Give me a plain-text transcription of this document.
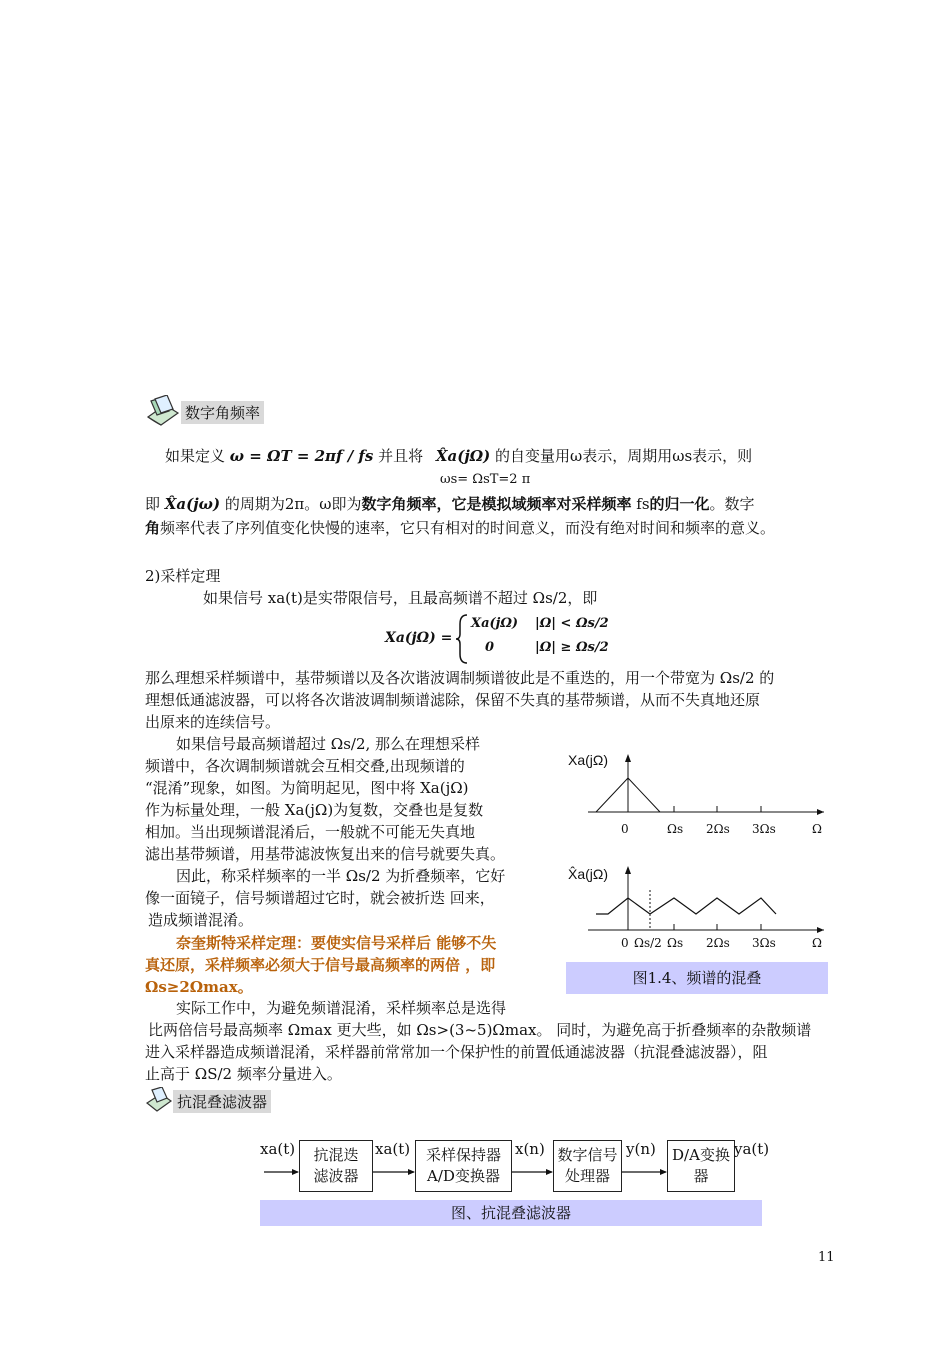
数字角频率
如果定义 ω = ΩT = 2πf / fs 并且将 X̂a(jΩ) 的自变量用ω表示，周期用ωs表示，则
ωs= ΩsT=2 π
即 X̂a(jω) 的周期为2π。ω即为数字角频率，它是模拟域频率对采样频率 fs的归一化。数字
角频率代表了序列值变化快慢的速率，它只有相对的时间意义，而没有绝对时间和频率的意义。
2)采样定理
如果信号 xa(t)是实带限信号，且最高频谱不超过 Ωs/2，即
Xa(jΩ) =
Xa(jΩ) |Ω| < Ωs/2
0	|Ω| ≥ Ωs/2
那么理想采样频谱中，基带频谱以及各次谐波调制频谱彼此是不重迭的，用一个带宽为 Ωs/2 的
理想低通滤波器，可以将各次谐波调制频谱滤除，保留不失真的基带频谱，从而不失真地还原
出原来的连续信号。
如果信号最高频谱超过 Ωs/2, 那么在理想采样
频谱中，各次调制频谱就会互相交叠,出现频谱的
“混淆”现象，如图。为简明起见，图中将 Xa(jΩ)
作为标量处理，一般 Xa(jΩ)为复数，交叠也是复数
相加。当出现频谱混淆后，一般就不可能无失真地
滤出基带频谱，用基带滤波恢复出来的信号就要失真。
因此，称采样频率的一半 Ωs/2 为折叠频率，它好
像一面镜子，信号频谱超过它时，就会被折迭 回来，
造成频谱混淆。
奈奎斯特采样定理：要使实信号采样后 能够不失
真还原，采样频率必须大于信号最高频率的两倍 ，即
Ωs≥2Ωmax。
实际工作中，为避免频谱混淆，采样频率总是选得
比两倍信号最高频率 Ωmax 更大些，如 Ωs>(3~5)Ωmax。 同时，为避免高于折叠频率的杂散频谱
进入采样器造成频谱混淆，采样器前常常加一个保护性的前置低通滤波器（抗混叠滤波器），阻
止高于 ΩS/2 频率分量进入。
Xa(jΩ)
X̂a(jΩ)
0	Ωs 2Ωs 3Ωs	Ω
0 Ωs/2 Ωs 2Ωs 3Ωs	Ω
图1.4、频谱的混叠
抗混叠滤波器
xa(t)	抗混迭
滤波器
xa(t)	采样保持器
A/D变换器
x(n) 数字信号
处理器
y(n)	D/A变换
器
ya(t)
图、抗混叠滤波器
11
